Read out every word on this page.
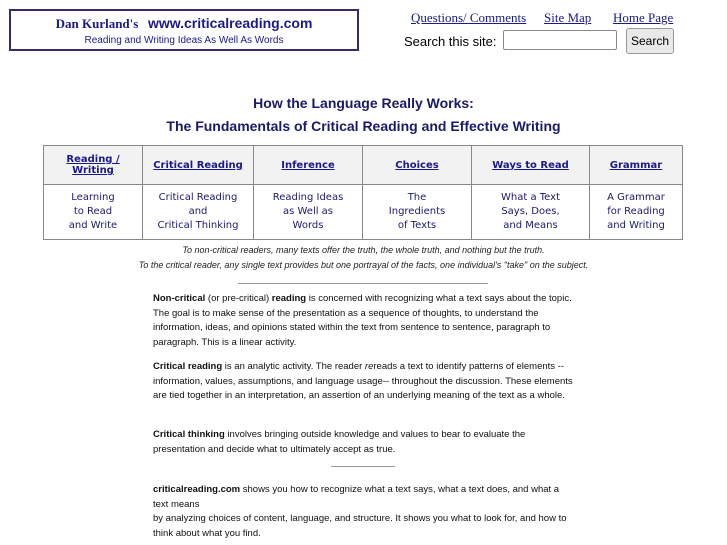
Dan Kurland's www.criticalreading.com
Reading and Writing Ideas As Well As Words
Questions/ Comments Site Map Home Page
Search this site:	Search
How the Language Really Works:
The Fundamentals of Critical Reading and Effective Writing
Reading / Writing	Critical Reading	Inference	Choices	Ways to Read	Grammar
Learning
to Read
and Write	Critical Reading
and
Critical Thinking	Reading Ideas
as Well as
Words	The
Ingredients
of Texts	What a Text
Says, Does,
and Means	A Grammar
for Reading
and Writing
To non-critical readers, many texts offer the truth, the whole truth, and nothing but the truth.
To the critical reader, any single text provides but one portrayal of the facts, one individual's "take" on the subject.
Non-critical (or pre-critical) reading is concerned with recognizing what a text says about the topic. The goal is to make sense of the presentation as a sequence of thoughts, to understand the information, ideas, and opinions stated within the text from sentence to sentence, paragraph to paragraph. This is a linear activity.
Critical reading is an analytic activity. The reader rereads a text to identify patterns of elements -- information, values, assumptions, and language usage-- throughout the discussion. These elements are tied together in an interpretation, an assertion of an underlying meaning of the text as a whole.
Critical thinking involves bringing outside knowledge and values to bear to evaluate the presentation and decide what to ultimately accept as true.
criticalreading.com shows you how to recognize what a text says, what a text does, and what a text means
by analyzing choices of content, language, and structure. It shows you what to look for, and how to think about what you find.
